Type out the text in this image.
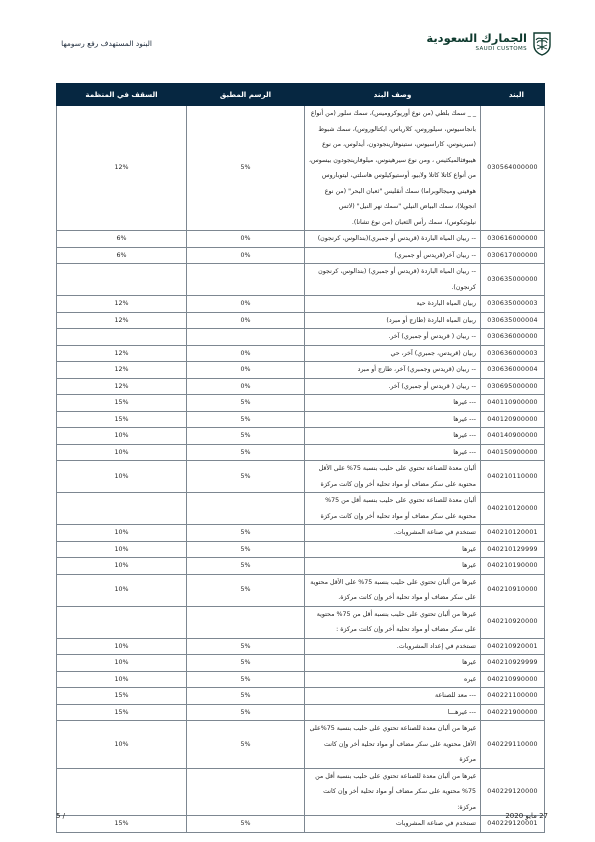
البنود المستهدف رفع رسومها	الجمارك السعودية
SAUDI CUSTOMS
البند	وصف البند	الرسم المطبق	السقف في المنظمة
030564000000	_ _ سمك بلطي (من نوع أوريوكروميس)، سمك سلور (من أنواع بانجاسيوس، سيلوروس، كلارياس، ايكتالوروس)، سمك شبوط (سبرينوس، كاراسيوس، ستينوفارينجودون، أيدلوس، من نوع هيبوفثالميكثيس ، ومن نوع سيرهينوس، ميلوفارينجودون بيسوس، من أنواع كاتلا كاتلا ولابيو، أوستيوكيلوس هاسلتي، ليتوباروس هوفيني وميجالوبراما) سمك أنقليس "ثعبان البحر" (من نوع انجويلا)، سمك البياض النيلي "سمك نهر النيل" (لاتس نيلوتيكوس)، سمك رأس الثعبان (من نوع تشانا).	5%	12%
030616000000	-- ربيان المياه الباردة (قريدس أو جمبري)(بندالوس، كرنجون)	0%	6%
030617000000	-- ربيان آخر(قريدس أو جمبري)	0%	6%
030635000000	-- ربيان المياه الباردة (قريدس أو جمبري) (بندالوس، كرنجون كرنجون).		
030635000003	ربيان المياه الباردة حية	0%	12%
030635000004	ربيان المياه الباردة (طازج أو مبرد)	0%	12%
030636000000	-- ربيان ( قريدس أو جمبري) آخر.		
030636000003	ربيان (قريدس، جمبري) آخر، حي	0%	12%
030636000004	-- ربيان (قريدس وجمبري) آخر، طازج أو مبرد	0%	12%
030695000000	-- ربيان ( قريدس أو جمبري) آخر.	0%	12%
040110900000	--- غيرها	5%	15%
040120900000	--- غيرها	5%	15%
040140900000	--- غيرها	5%	10%
040150900000	--- غيرها	5%	10%
040210110000	ألبان معدة للصناعة تحتوي على حليب بنسبة 75% على الأقل محتوية على سكر مضاف أو مواد تحلية أخر وإن كانت مركزة	5%	10%
040210120000	ألبان معدة للصناعة تحتوي على حليب بنسبة أقل من 75% محتوية على سكر مضاف أو مواد تحلية أخر وإن كانت مركزة		
040210120001	تستخدم في صناعة المشروبات.	5%	10%
040210129999	غيرها	5%	10%
040210190000	غيرها	5%	10%
040210910000	غيرها من ألبان تحتوي على حليب بنسبة 75% على الأقل محتوية على سكر مضاف أو مواد تحلية أخر وإن كانت مركزة.	5%	10%
040210920000	غيرها من ألبان تحتوي على حليب بنسبة أقل من 75% محتوية على سكر مضاف أو مواد تحلية أخر وإن كانت مركزة :		
040210920001	تستخدم في إعداد المشروبات.	5%	10%
040210929999	غيرها	5%	10%
040210990000	غيره	5%	10%
040221100000	--- معد للصناعة	5%	15%
040221900000	--- غيرهـــا	5%	15%
040229110000	غيرها من ألبان معدة للصناعة تحتوي على حليب بنسبة 75%على الأقل محتوية على سكر مضاف أو مواد تحلية أخر وإن كانت مركزة	5%	10%
040229120000	غيرها من ألبان معدة للصناعة تحتوي على حليب بنسبة أقل من 75% محتوية على سكر مضاف أو مواد تحلية أخر وإن كانت مركزة:		
040229120001	تستخدم في صناعة المشروبات	5%	15%
27 مايو 2020
5 /
